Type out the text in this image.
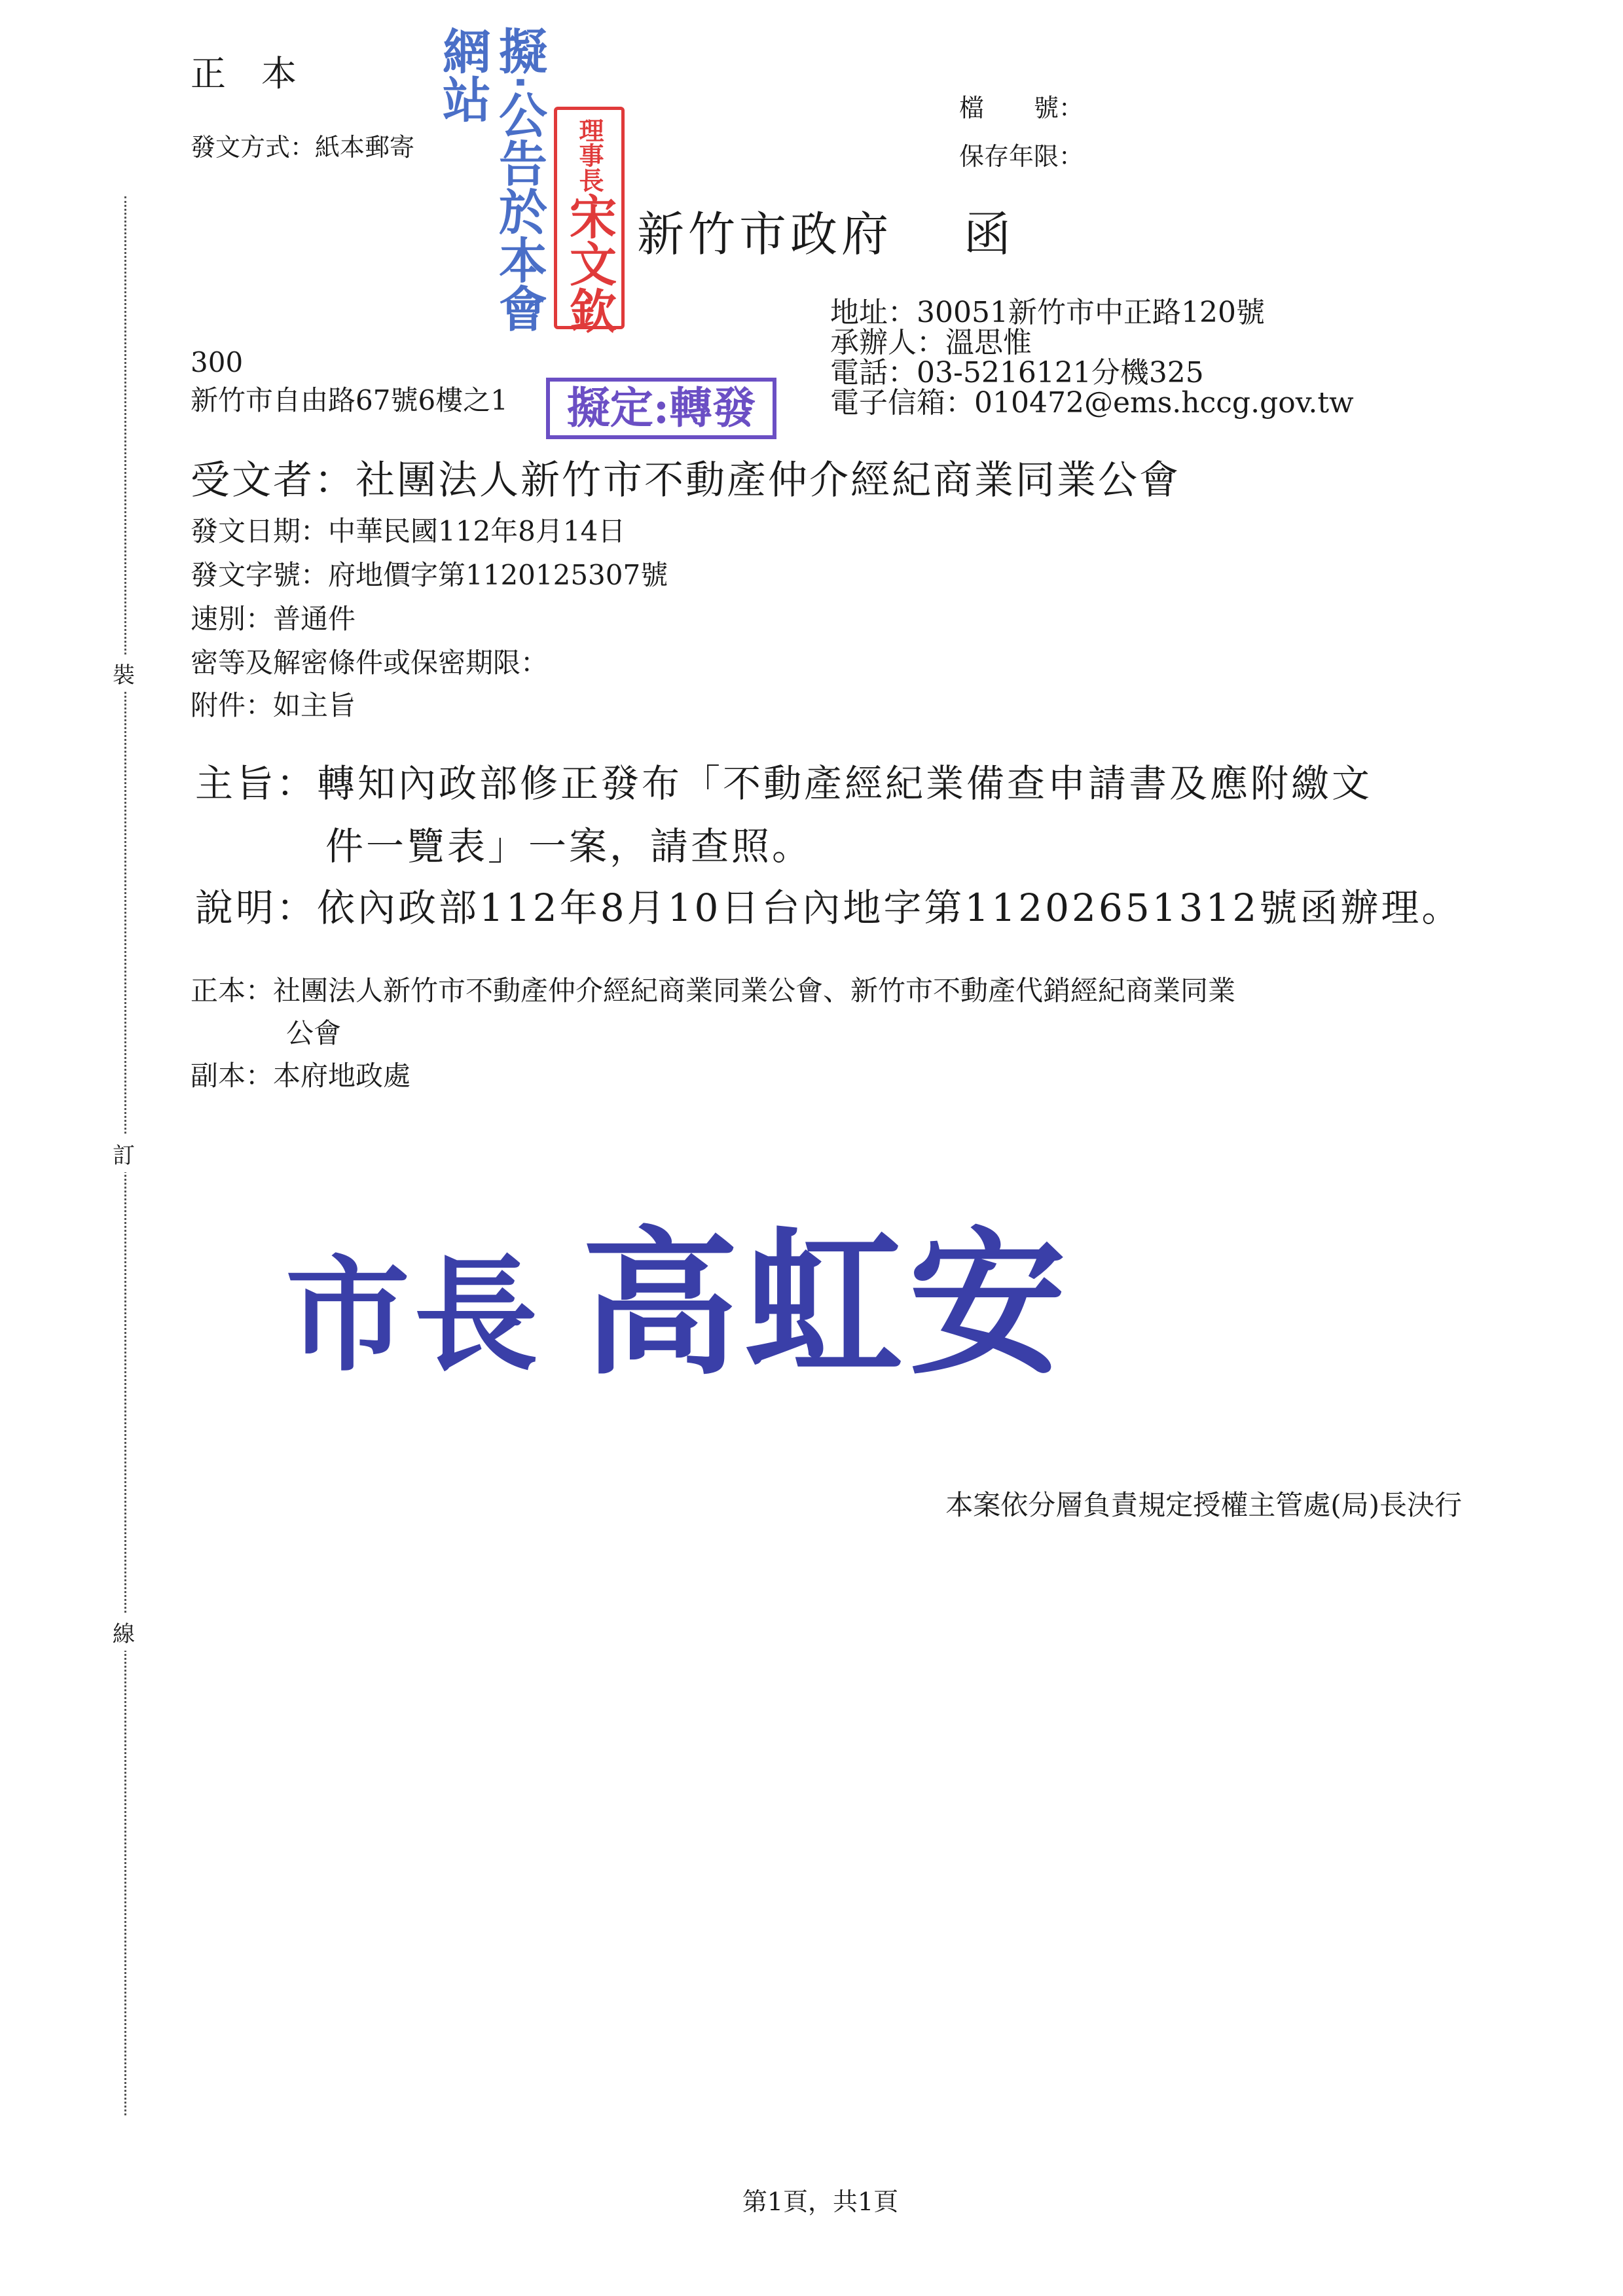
裝
訂
線
正　本
發文方式：紙本郵寄
檔　　號：
保存年限：
新竹市政府 函
地址：30051新竹市中正路120號
承辦人：溫思惟
電話：03-5216121分機325
電子信箱：010472@ems.hccg.gov.tw
300
新竹市自由路67號6樓之1
受文者：社團法人新竹市不動產仲介經紀商業同業公會
發文日期：中華民國112年8月14日
發文字號：府地價字第1120125307號
速別：普通件
密等及解密條件或保密期限：
附件：如主旨
主旨：轉知內政部修正發布「不動產經紀業備查申請書及應附繳文
件一覽表」一案，請查照。
說明：依內政部112年8月10日台內地字第11202651312號函辦理。
正本：社團法人新竹市不動產仲介經紀商業同業公會、新竹市不動產代銷經紀商業同業
公會
副本：本府地政處
市長 高虹安
本案依分層負責規定授權主管處(局)長決行
第1頁，共1頁
擬‧公告於本會網站
理事長
宋文欽
擬定:轉發
